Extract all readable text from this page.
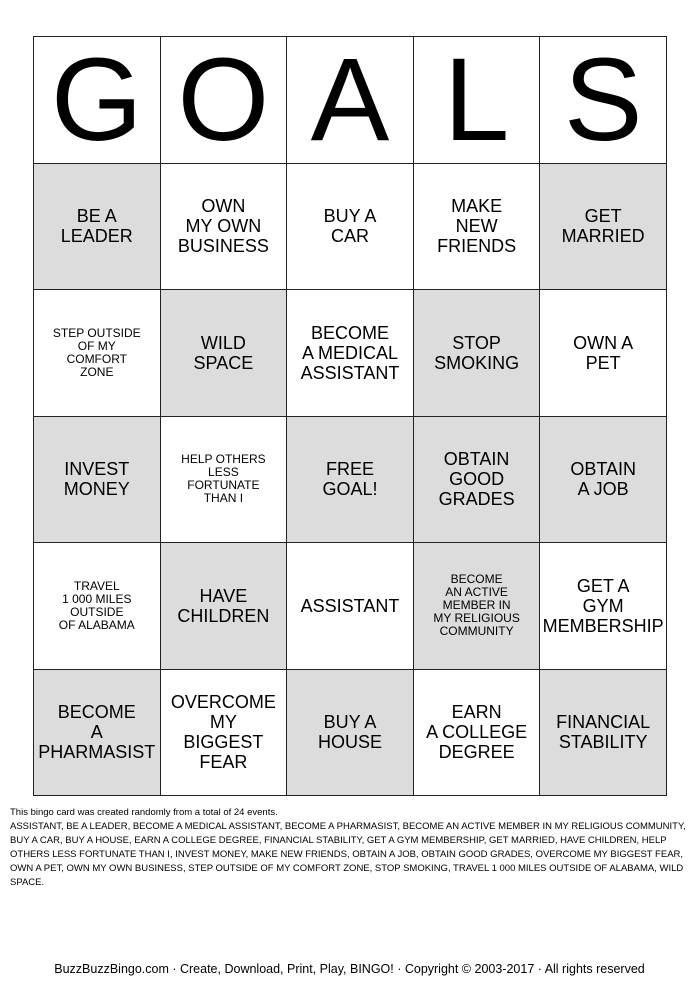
G O A L S
BE A
LEADER
OWN
MY OWN
BUSINESS
BUY A
CAR
MAKE
NEW
FRIENDS
GET
MARRIED
STEP OUTSIDE
OF MY
COMFORT
ZONE
WILD
SPACE
BECOME
A MEDICAL
ASSISTANT
STOP
SMOKING
OWN A
PET
INVEST
MONEY
HELP OTHERS
LESS
FORTUNATE
THAN I
FREE
GOAL!
OBTAIN
GOOD
GRADES
OBTAIN
A JOB
TRAVEL
1 000 MILES
OUTSIDE
OF ALABAMA
HAVE
CHILDREN	ASSISTANT
BECOME
AN ACTIVE
MEMBER IN
MY RELIGIOUS
COMMUNITY
GET A
GYM
MEMBERSHIP
BECOME
A
PHARMASIST
OVERCOME
MY
BIGGEST
FEAR
BUY A
HOUSE
EARN
A COLLEGE
DEGREE
FINANCIAL
STABILITY
This bingo card was created randomly from a total of 24 events.
ASSISTANT, BE A LEADER, BECOME A MEDICAL ASSISTANT, BECOME A PHARMASIST, BECOME AN ACTIVE MEMBER IN MY RELIGIOUS COMMUNITY, BUY A CAR, BUY A HOUSE, EARN A COLLEGE DEGREE, FINANCIAL STABILITY, GET A GYM MEMBERSHIP, GET MARRIED, HAVE CHILDREN, HELP OTHERS LESS FORTUNATE THAN I, INVEST MONEY, MAKE NEW FRIENDS, OBTAIN A JOB, OBTAIN GOOD GRADES, OVERCOME MY BIGGEST FEAR, OWN A PET, OWN MY OWN BUSINESS, STEP OUTSIDE OF MY COMFORT ZONE, STOP SMOKING, TRAVEL 1 000 MILES OUTSIDE OF ALABAMA, WILD SPACE.
BuzzBuzzBingo.com · Create, Download, Print, Play, BINGO! · Copyright © 2003-2017 · All rights reserved
